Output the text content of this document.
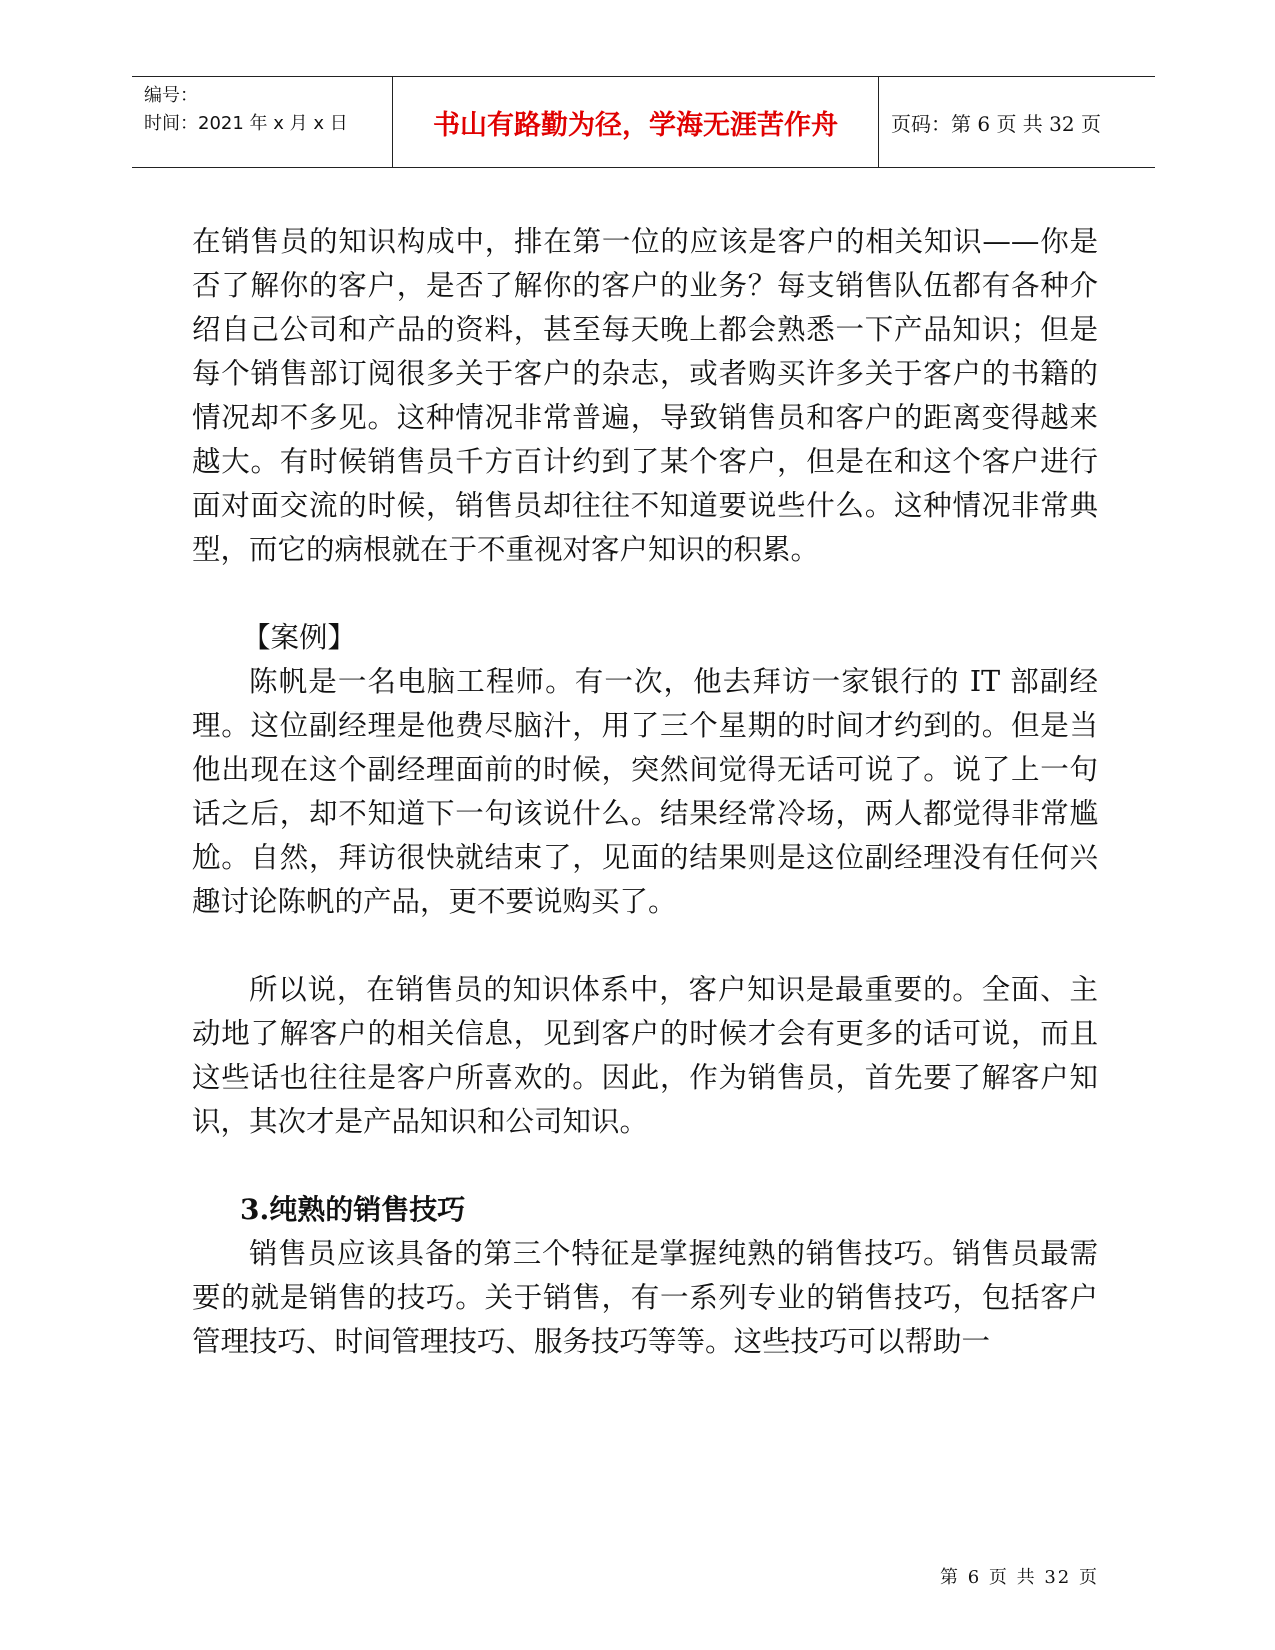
编号：
时间：2021 年 x 月 x 日	书山有路勤为径，学海无涯苦作舟	页码：第 6 页 共 32 页

在销售员的知识构成中，排在第一位的应该是客户的相关知识——你是否了解你的客户，是否了解你的客户的业务？每支销售队伍都有各种介绍自己公司和产品的资料，甚至每天晚上都会熟悉一下产品知识；但是每个销售部订阅很多关于客户的杂志，或者购买许多关于客户的书籍的情况却不多见。这种情况非常普遍，导致销售员和客户的距离变得越来越大。有时候销售员千方百计约到了某个客户，但是在和这个客户进行面对面交流的时候，销售员却往往不知道要说些什么。这种情况非常典型，而它的病根就在于不重视对客户知识的积累。

【案例】

陈帆是一名电脑工程师。有一次，他去拜访一家银行的 IT 部副经理。这位副经理是他费尽脑汁，用了三个星期的时间才约到的。但是当他出现在这个副经理面前的时候，突然间觉得无话可说了。说了上一句话之后，却不知道下一句该说什么。结果经常冷场，两人都觉得非常尴尬。自然，拜访很快就结束了，见面的结果则是这位副经理没有任何兴趣讨论陈帆的产品，更不要说购买了。

所以说，在销售员的知识体系中，客户知识是最重要的。全面、主动地了解客户的相关信息，见到客户的时候才会有更多的话可说，而且这些话也往往是客户所喜欢的。因此，作为销售员，首先要了解客户知识，其次才是产品知识和公司知识。

3.纯熟的销售技巧

销售员应该具备的第三个特征是掌握纯熟的销售技巧。销售员最需要的就是销售的技巧。关于销售，有一系列专业的销售技巧，包括客户管理技巧、时间管理技巧、服务技巧等等。这些技巧可以帮助一

第 6 页 共 32 页
